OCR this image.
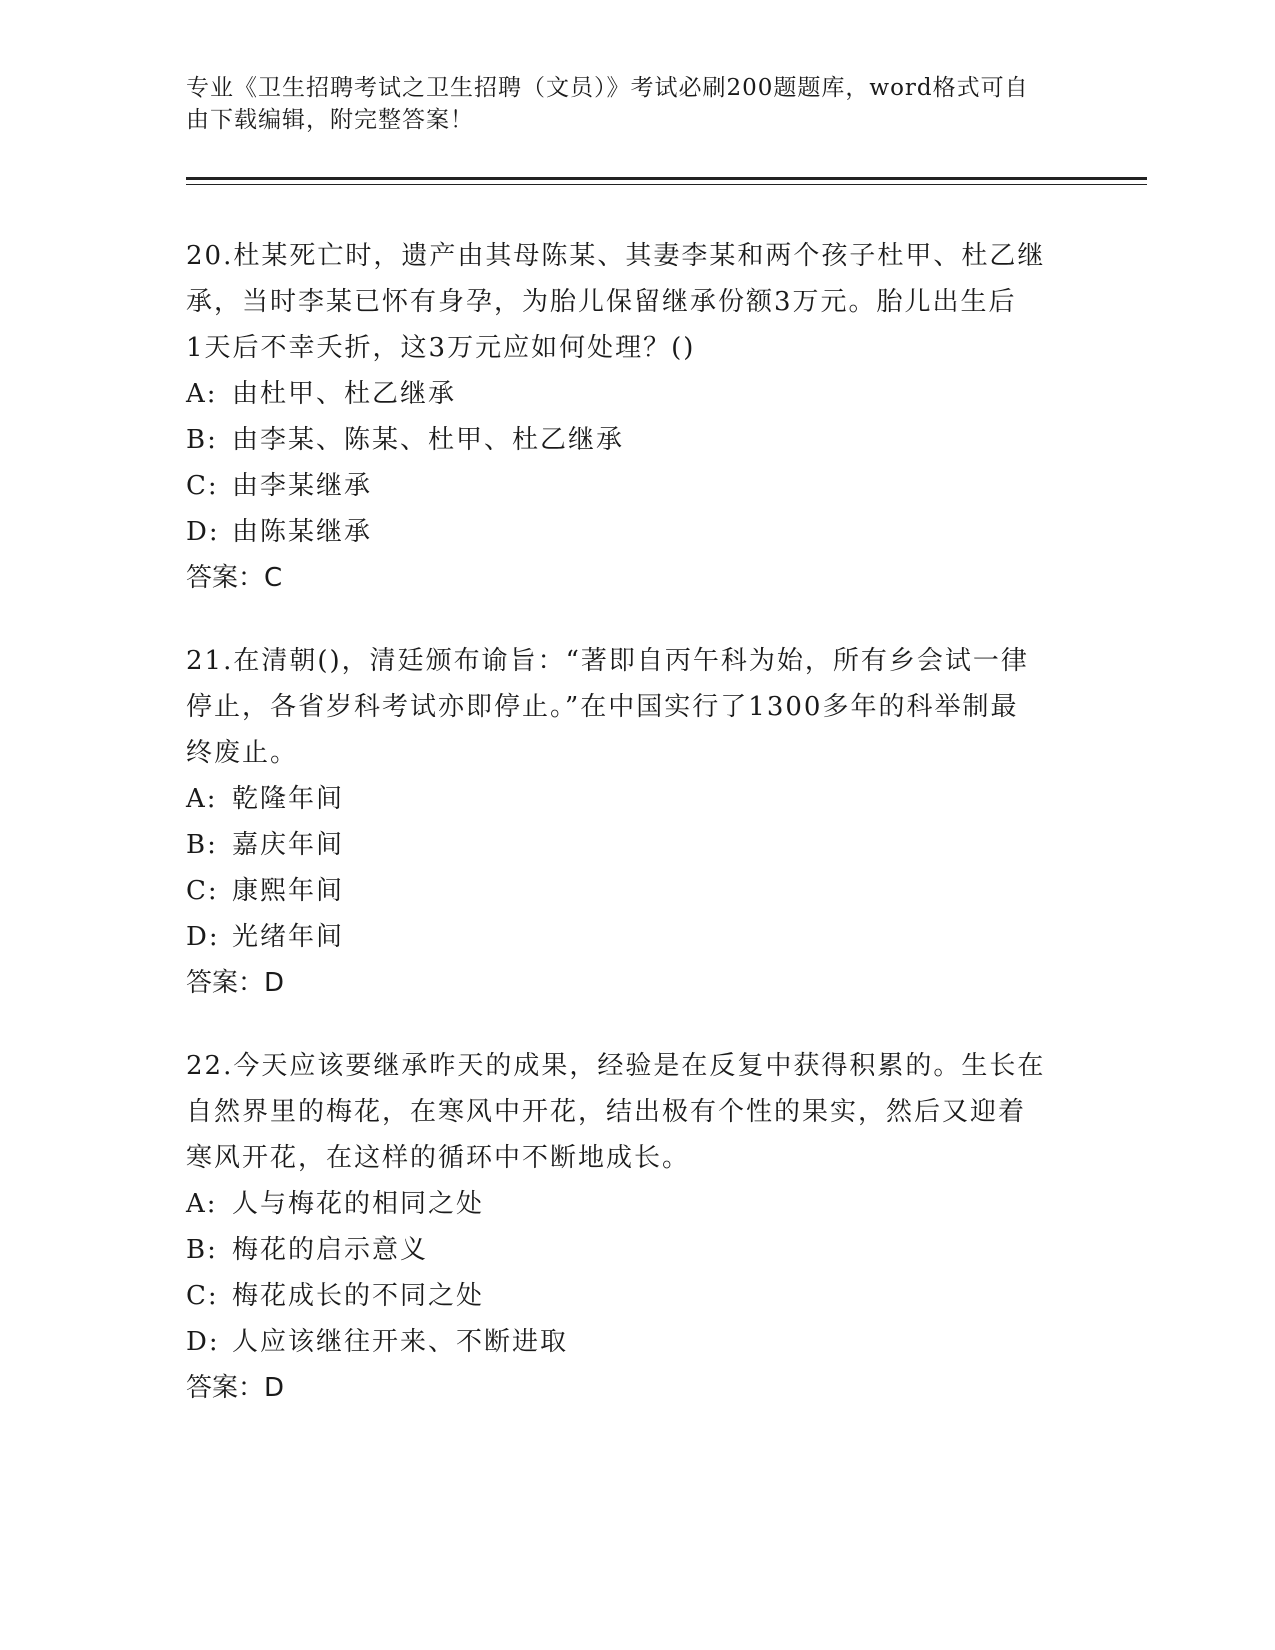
专业《卫生招聘考试之卫生招聘（文员）》考试必刷200题题库，word格式可自
由下载编辑，附完整答案！
20.杜某死亡时，遗产由其母陈某、其妻李某和两个孩子杜甲、杜乙继
承，当时李某已怀有身孕，为胎儿保留继承份额3万元。胎儿出生后
1天后不幸夭折，这3万元应如何处理？()
A: 由杜甲、杜乙继承
B: 由李某、陈某、杜甲、杜乙继承
C: 由李某继承
D: 由陈某继承
答案：C
21.在清朝()，清廷颁布谕旨：“著即自丙午科为始，所有乡会试一律
停止，各省岁科考试亦即停止。”在中国实行了1300多年的科举制最
终废止。
A: 乾隆年间
B: 嘉庆年间
C: 康熙年间
D: 光绪年间
答案：D
22.今天应该要继承昨天的成果，经验是在反复中获得积累的。生长在
自然界里的梅花，在寒风中开花，结出极有个性的果实，然后又迎着
寒风开花，在这样的循环中不断地成长。
A: 人与梅花的相同之处
B: 梅花的启示意义
C: 梅花成长的不同之处
D: 人应该继往开来、不断进取
答案：D
